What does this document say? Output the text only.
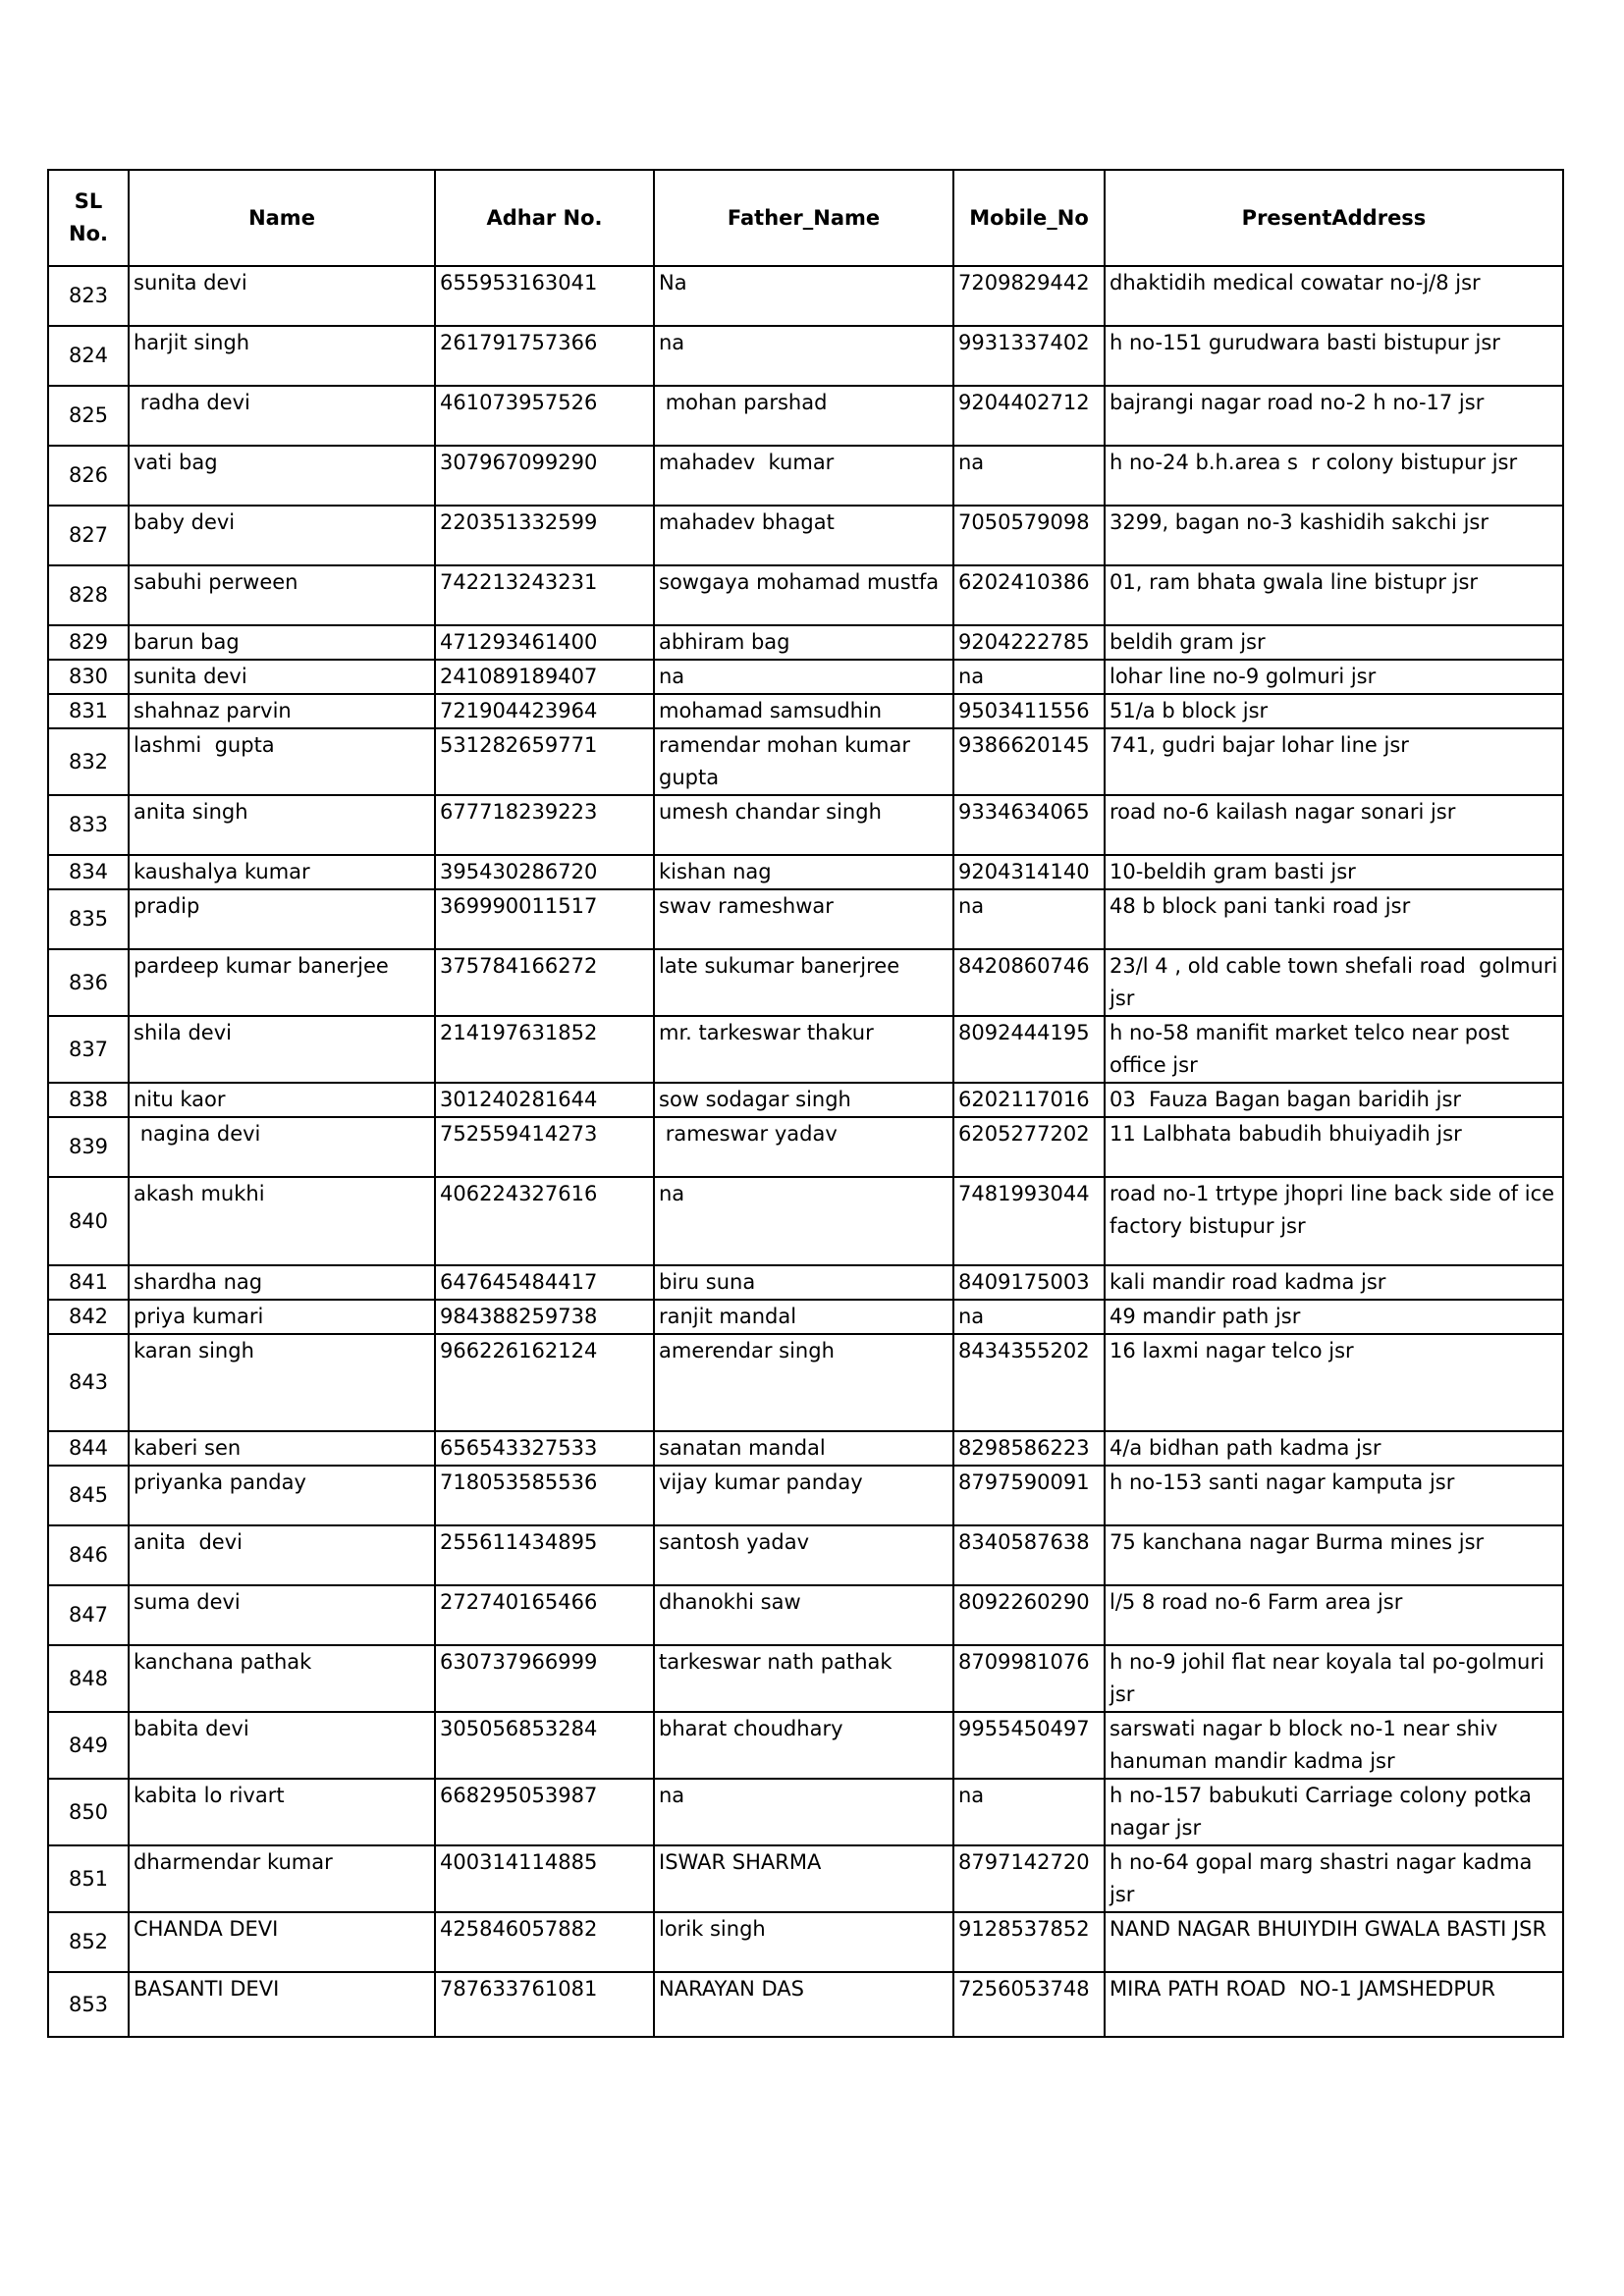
SL No.	Name	Adhar No.	Father_Name	Mobile_No	PresentAddress
823	sunita devi	655953163041	Na	7209829442	dhaktidih medical cowatar no-j/8 jsr
824	harjit singh	261791757366	na	9931337402	h no-151 gurudwara basti bistupur jsr
825	radha devi	461073957526	mohan parshad	9204402712	bajrangi nagar road no-2 h no-17 jsr
826	vati bag	307967099290	mahadev  kumar	na	h no-24 b.h.area s  r colony bistupur jsr
827	baby devi	220351332599	mahadev bhagat	7050579098	3299, bagan no-3 kashidih sakchi jsr
828	sabuhi perween	742213243231	sowgaya mohamad mustfa	6202410386	01, ram bhata gwala line bistupr jsr
829	barun bag	471293461400	abhiram bag	9204222785	beldih gram jsr
830	sunita devi	241089189407	na	na	lohar line no-9 golmuri jsr
831	shahnaz parvin	721904423964	mohamad samsudhin	9503411556	51/a b block jsr
832	lashmi  gupta	531282659771	ramendar mohan kumar gupta	9386620145	741, gudri bajar lohar line jsr
833	anita singh	677718239223	umesh chandar singh	9334634065	road no-6 kailash nagar sonari jsr
834	kaushalya kumar	395430286720	kishan nag	9204314140	10-beldih gram basti jsr
835	pradip	369990011517	swav rameshwar	na	48 b block pani tanki road jsr
836	pardeep kumar banerjee	375784166272	late sukumar banerjree	8420860746	23/l 4 , old cable town shefali road  golmuri jsr
837	shila devi	214197631852	mr. tarkeswar thakur	8092444195	h no-58 manifit market telco near post office jsr
838	nitu kaor	301240281644	sow sodagar singh	6202117016	03  Fauza Bagan bagan baridih jsr
839	nagina devi	752559414273	rameswar yadav	6205277202	11 Lalbhata babudih bhuiyadih jsr
840	akash mukhi	406224327616	na	7481993044	road no-1 trtype jhopri line back side of ice factory bistupur jsr
841	shardha nag	647645484417	biru suna	8409175003	kali mandir road kadma jsr
842	priya kumari	984388259738	ranjit mandal	na	49 mandir path jsr
843	karan singh	966226162124	amerendar singh	8434355202	16 laxmi nagar telco jsr
844	kaberi sen	656543327533	sanatan mandal	8298586223	4/a bidhan path kadma jsr
845	priyanka panday	718053585536	vijay kumar panday	8797590091	h no-153 santi nagar kamputa jsr
846	anita  devi	255611434895	santosh yadav	8340587638	75 kanchana nagar Burma mines jsr
847	suma devi	272740165466	dhanokhi saw	8092260290	l/5 8 road no-6 Farm area jsr
848	kanchana pathak	630737966999	tarkeswar nath pathak	8709981076	h no-9 johil flat near koyala tal po-golmuri jsr
849	babita devi	305056853284	bharat choudhary	9955450497	sarswati nagar b block no-1 near shiv hanuman mandir kadma jsr
850	kabita lo rivart	668295053987	na	na	h no-157 babukuti Carriage colony potka nagar jsr
851	dharmendar kumar	400314114885	ISWAR SHARMA	8797142720	h no-64 gopal marg shastri nagar kadma jsr
852	CHANDA DEVI	425846057882	lorik singh	9128537852	NAND NAGAR BHUIYDIH GWALA BASTI JSR
853	BASANTI DEVI	787633761081	NARAYAN DAS	7256053748	MIRA PATH ROAD  NO-1 JAMSHEDPUR
